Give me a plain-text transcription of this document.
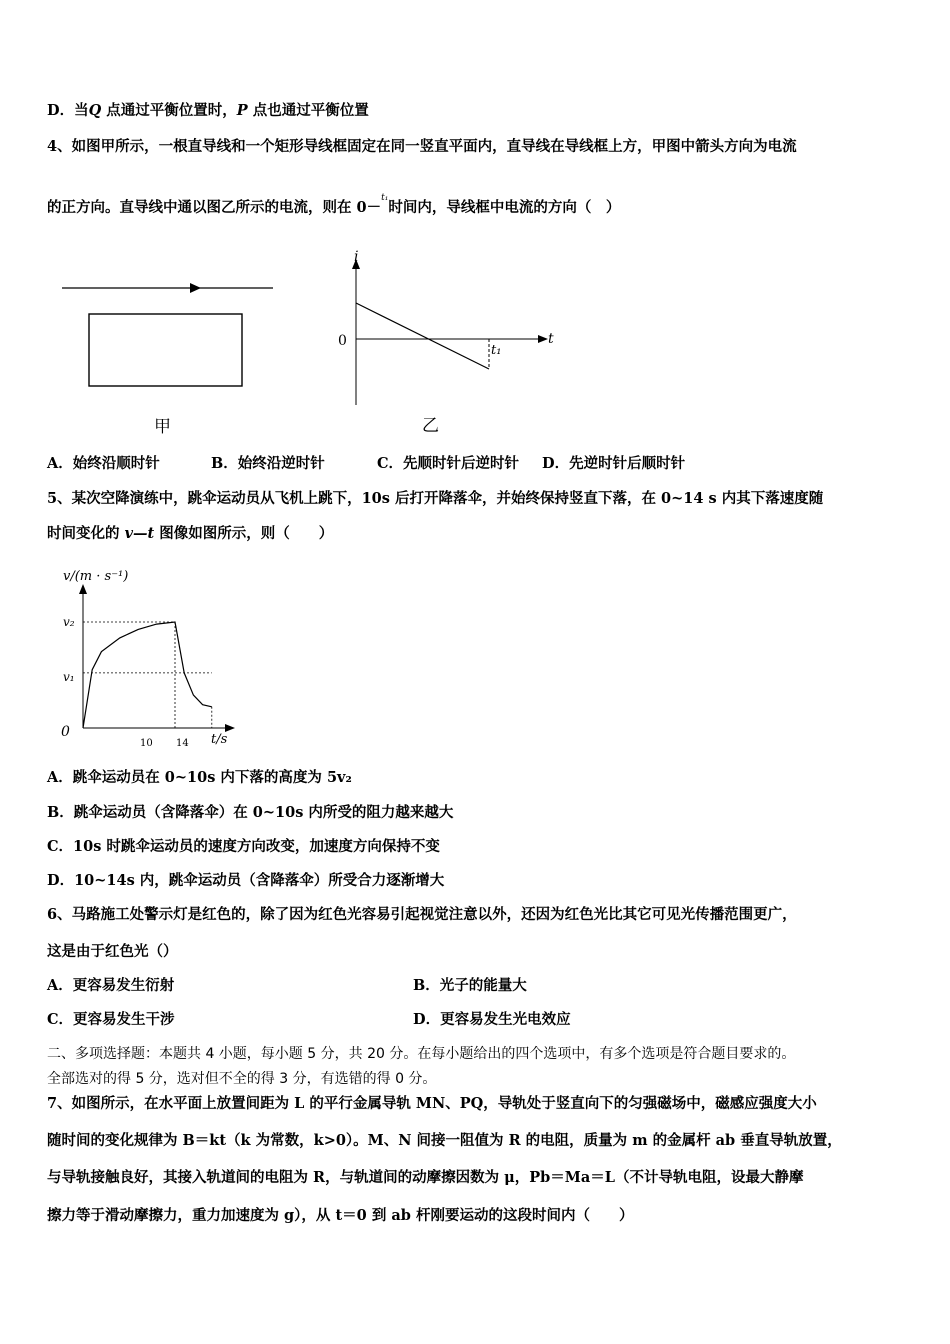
D．当Q 点通过平衡位置时，P 点也通过平衡位置
4、如图甲所示，一根直导线和一个矩形导线框固定在同一竖直平面内，直导线在导线框上方，甲图中箭头方向为电流
的正方向。直导线中通以图乙所示的电流，则在 0－$^{t_1}$时间内，导线框中电流的方向（　）
甲
i
t
0
t₁
乙
A．始终沿顺时针	B．始终沿逆时针	C．先顺时针后逆时针 D．先逆时针后顺时针
5、某次空降演练中，跳伞运动员从飞机上跳下，10s 后打开降落伞，并始终保持竖直下落，在 0~14 s 内其下落速度随
时间变化的 v—t 图像如图所示，则（　　）
v/(m · s⁻¹)
t/s
0
v₂
v₁
10 14
A．跳伞运动员在 0~10s 内下落的高度为 5v₂
B．跳伞运动员（含降落伞）在 0~10s 内所受的阻力越来越大
C．10s 时跳伞运动员的速度方向改变，加速度方向保持不变
D．10~14s 内，跳伞运动员（含降落伞）所受合力逐渐增大
6、马路施工处警示灯是红色的，除了因为红色光容易引起视觉注意以外，还因为红色光比其它可见光传播范围更广，
这是由于红色光（）
A．更容易发生衍射	B．光子的能量大
C．更容易发生干涉	D．更容易发生光电效应
二、多项选择题：本题共 4 小题，每小题 5 分，共 20 分。在每小题给出的四个选项中，有多个选项是符合题目要求的。
全部选对的得 5 分，选对但不全的得 3 分，有选错的得 0 分。
7、如图所示，在水平面上放置间距为 L 的平行金属导轨 MN、PQ，导轨处于竖直向下的匀强磁场中，磁感应强度大小
随时间的变化规律为 B＝kt（k 为常数，k>0）。M、N 间接一阻值为 R 的电阻，质量为 m 的金属杆 ab 垂直导轨放置，
与导轨接触良好，其接入轨道间的电阻为 R，与轨道间的动摩擦因数为 μ，Pb＝Ma＝L（不计导轨电阻，设最大静摩
擦力等于滑动摩擦力，重力加速度为 g），从 t＝0 到 ab 杆刚要运动的这段时间内（　　）
